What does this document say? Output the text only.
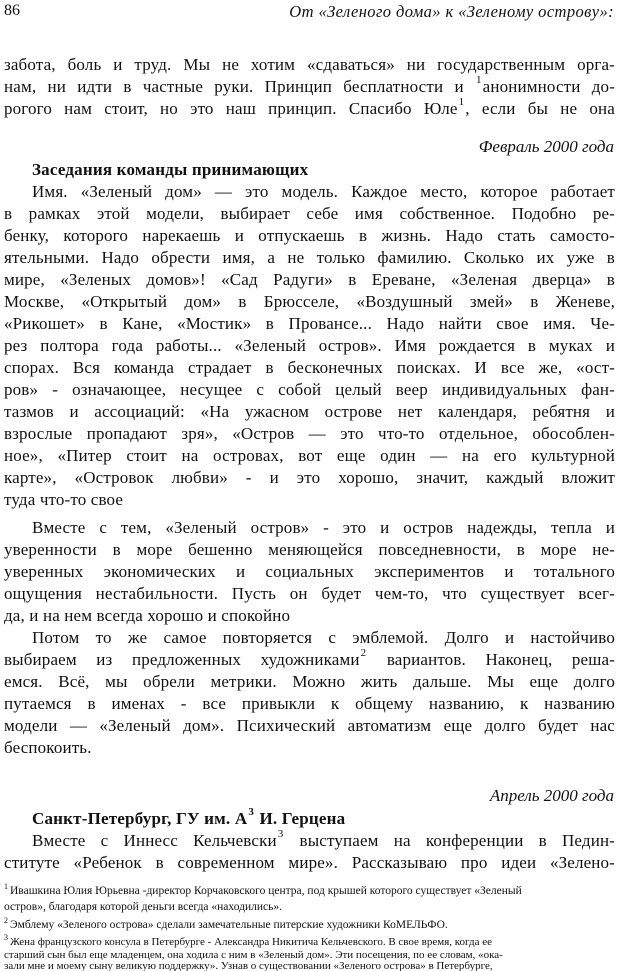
86	От «Зеленого дома» к «Зеленому острову»:
забота, боль и труд. Мы не хотим «сдаваться» ни государственным орга-
нам, ни идти в частные руки. Принцип бесплатности и $^1$анонимности до-
рогого нам стоит, но это наш принцип. Спасибо Юле$^1$, если бы не она
Февраль 2000 года
Заседания команды принимающих
Имя. «Зеленый дом» — это модель. Каждое место, которое работает
в рамках этой модели, выбирает себе имя собственное. Подобно ре-
бенку, которого нарекаешь и отпускаешь в жизнь. Надо стать самосто-
ятельными. Надо обрести имя, а не только фамилию. Сколько их уже в
мире, «Зеленых домов»! «Сад Радуги» в Ереване, «Зеленая дверца» в
Москве, «Открытый дом» в Брюсселе, «Воздушный змей» в Женеве,
«Рикошет» в Кане, «Мостик» в Провансе... Надо найти свое имя. Че-
рез полтора года работы... «Зеленый остров». Имя рождается в муках и
спорах. Вся команда страдает в бесконечных поисках. И все же, «ост-
ров» - означающее, несущее с собой целый веер индивидуальных фан-
тазмов и ассоциаций: «На ужасном острове нет календаря, ребятня и
взрослые пропадают зря», «Остров — это что-то отдельное, обособлен-
ное», «Питер стоит на островах, вот еще один — на его культурной
карте», «Островок любви» - и это хорошо, значит, каждый вложит
туда что-то свое
Вместе с тем, «Зеленый остров» - это и остров надежды, тепла и
уверенности в море бешенно меняющейся повседневности, в море не-
уверенных экономических и социальных экспериментов и тотального
ощущения нестабильности. Пусть он будет чем-то, что существует всег-
да, и на нем всегда хорошо и спокойно
Потом то же самое повторяется с эмблемой. Долго и настойчиво
выбираем из предложенных художниками$^2$ вариантов. Наконец, реша-
емся. Всё, мы обрели метрики. Можно жить дальше. Мы еще долго
путаемся в именах - все привыкли к общему названию, к названию
модели — «Зеленый дом». Психический автоматизм еще долго будет нас
беспокоить.
Апрель 2000 года
Санкт-Петербург, ГУ им. $А^3$ И. Герцена
Вместе с Иннесс Кельчевски$^3$ выступаем на конференции в Педин-
ституте «Ребенок в современном мире». Рассказываю про идеи «Зелено-
$^1$ Ивашкина Юлия Юрьевна -директор Корчаковского центра, под крышей которого существует «Зеленый
остров», благодаря которой деньги всегда «находились».
$^2$ Эмблему «Зеленого острова» сделали замечательные питерские художники КоМЕЛЬФО.
$^3$ Жена французского консула в Петербурге - Александра Никитича Кельчевского. В свое время, когда ее
старший сын был еще младенцем, она ходила с ним в «Зеленый дом». Эти посещения, по ее словам, «ока-
зали мне и моему сыну великую поддержку». Узнав о существовании «Зеленого острова» в Петербурге,
она стала помогать нам всем, чем могла.
